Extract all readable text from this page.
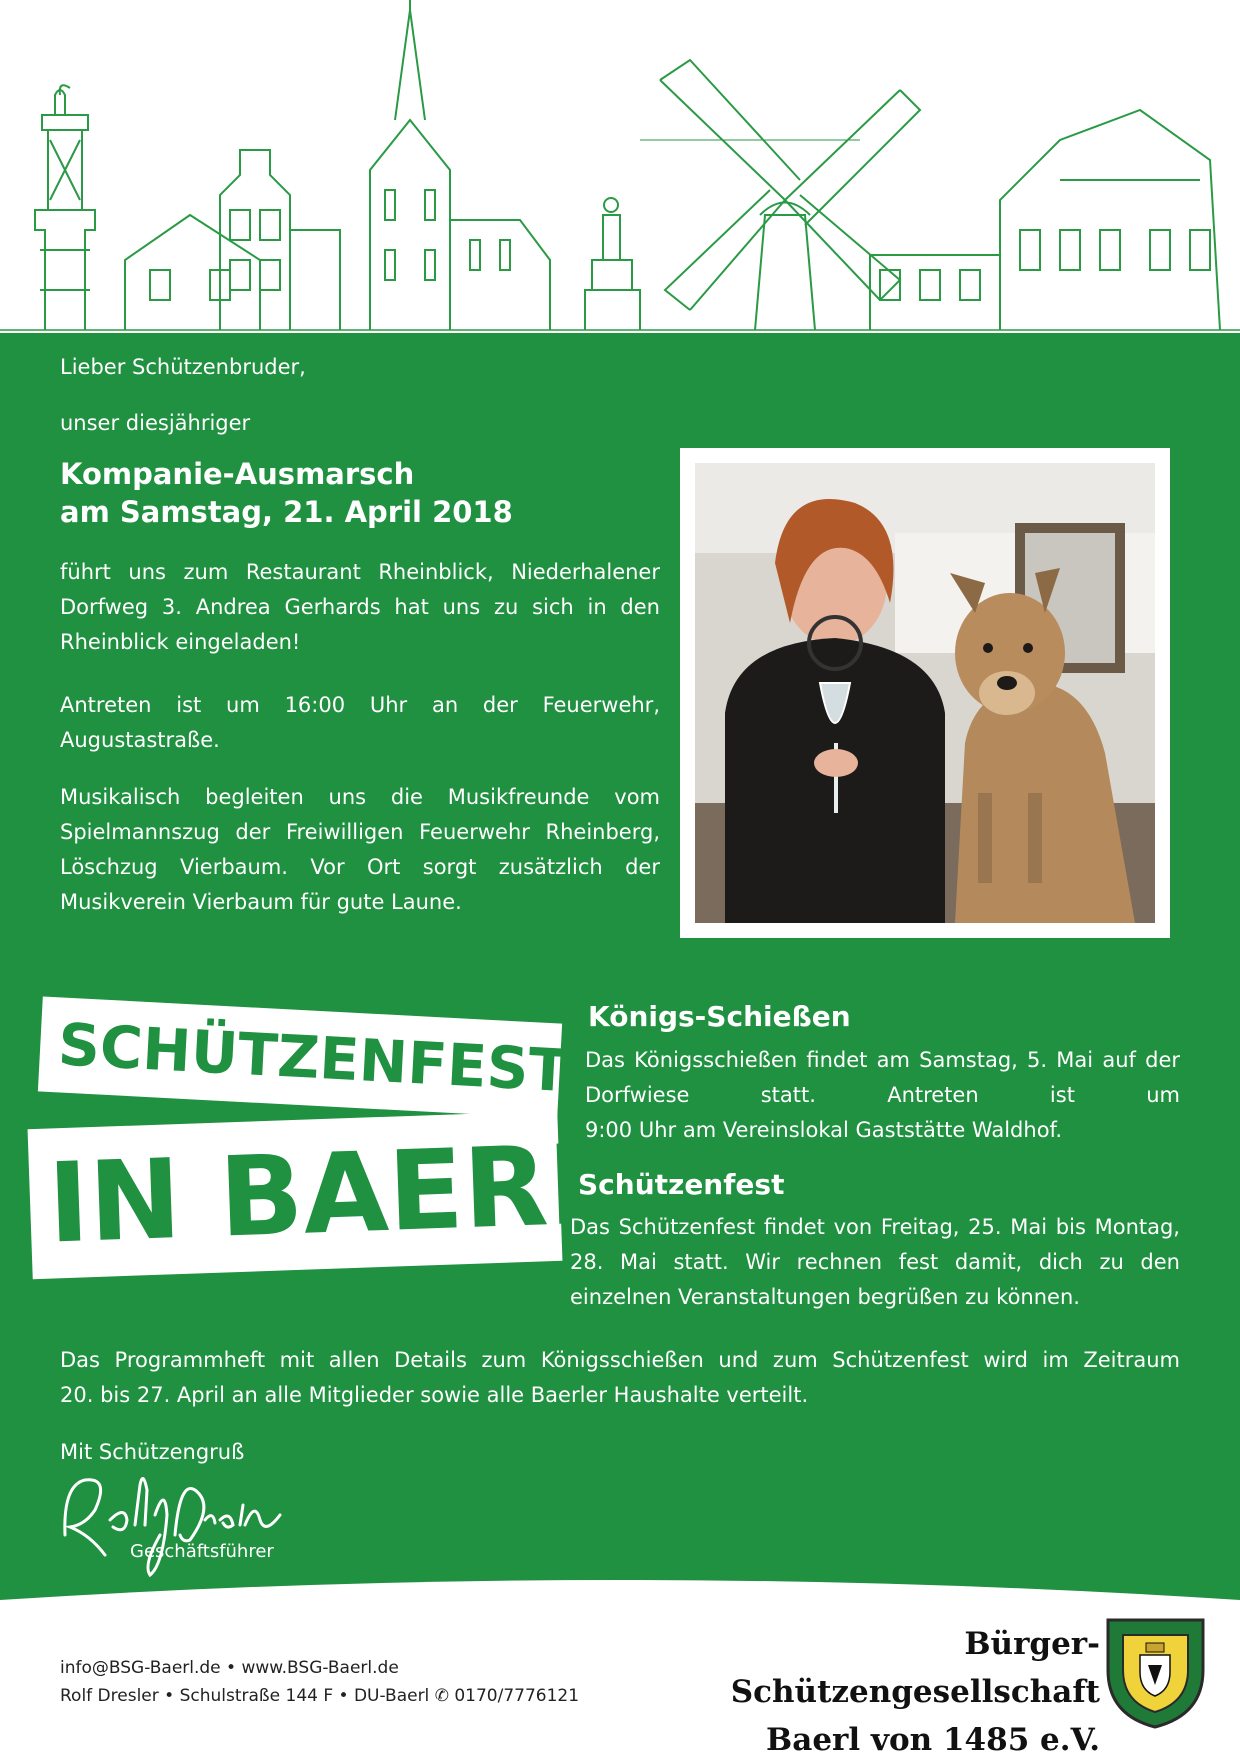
Lieber Schützenbruder,
unser diesjähriger
Kompanie-Ausmarsch
am Samstag, 21. April 2018
führt uns zum Restaurant Rheinblick, Niederhalener Dorfweg 3. Andrea Gerhards hat uns zu sich in den
Rheinblick eingeladen!
Antreten ist um 16:00 Uhr an der Feuerwehr,
Augustastraße.
Musikalisch begleiten uns die Musikfreunde vom Spielmannszug der Freiwilligen Feuerwehr Rheinberg, Löschzug Vierbaum. Vor Ort sorgt zusätzlich der
Musikverein Vierbaum für gute Laune.
SCHÜTZENFEST
IN BAERL
Königs-Schießen
Das Königsschießen findet am Samstag, 5. Mai auf der Dorfwiese statt. Antreten ist um
9:00 Uhr am Vereinslokal Gaststätte Waldhof.
Schützenfest
Das Schützenfest findet von Freitag, 25. Mai bis Montag, 28. Mai statt. Wir rechnen fest damit, dich zu den
einzelnen Veranstaltungen begrüßen zu können.
Das Programmheft mit allen Details zum Königsschießen und zum Schützenfest wird im Zeitraum
20. bis 27. April an alle Mitglieder sowie alle Baerler Haushalte verteilt.
Mit Schützengruß
Geschäftsführer
info@BSG-Baerl.de • www.BSG-Baerl.de
Rolf Dresler • Schulstraße 144 F • DU-Baerl ✆ 0170/7776121
Bürger-Schützengesellschaft
Baerl von 1485 e.V.
